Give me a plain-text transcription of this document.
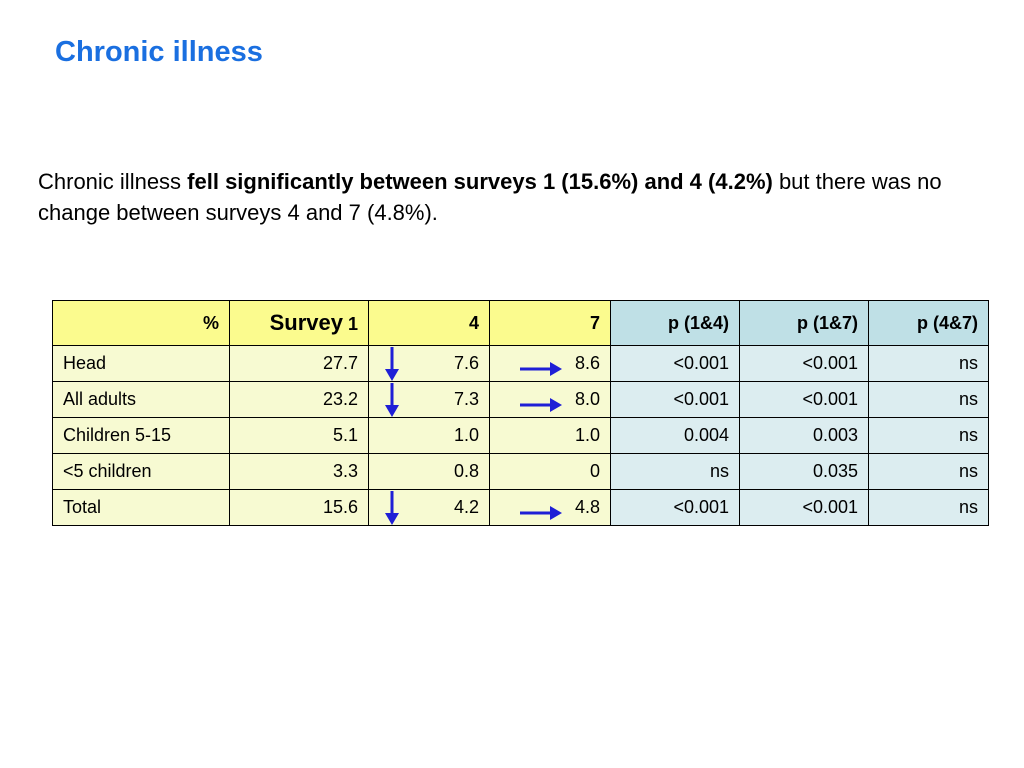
Chronic illness

Chronic illness fell significantly between surveys 1 (15.6%) and 4 (4.2%) but there was no change between surveys 4 and 7 (4.8%).

%	Survey 1	4	7	p (1&4)	p (1&7)	p (4&7)
Head	27.7	7.6	8.6	<0.001	<0.001	ns
All adults	23.2	7.3	8.0	<0.001	<0.001	ns
Children 5-15	5.1	1.0	1.0	0.004	0.003	ns
<5 children	3.3	0.8	0	ns	0.035	ns
Total	15.6	4.2	4.8	<0.001	<0.001	ns
